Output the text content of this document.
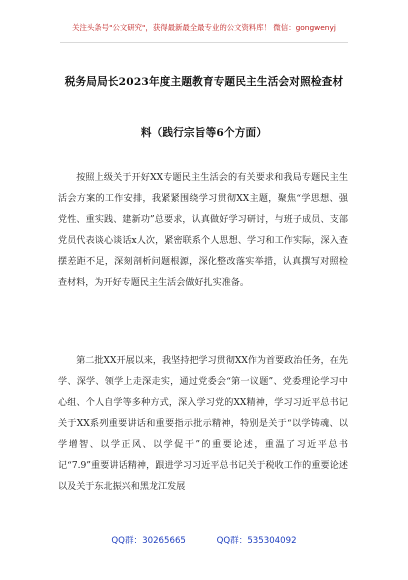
关注头条号"公文研究"，获得最新最全最专业的公文资料库！ 微信：gongwenyj
税务局局长2023年度主题教育专题民主生活会对照检查材
料（践行宗旨等6个方面）

按照上级关于开好XX专题民主生活会的有关要求和我局专题民主生活会方案的工作安排，我紧紧围绕学习贯彻XX主题，聚焦“学思想、强党性、重实践、建新功”总要求，认真做好学习研讨，与班子成员、支部党员代表谈心谈话x人次，紧密联系个人思想、学习和工作实际，深入查摆差距不足，深刻剖析问题根源，深化整改落实举措，认真撰写对照检查材料，为开好专题民主生活会做好扎实准备。

第二批XX开展以来，我坚持把学习贯彻XX作为首要政治任务，在先学、深学、领学上走深走实，通过党委会“第一议题”、党委理论学习中心组、个人自学等多种方式，深入学习党的XX精神，学习习近平总书记关于XX系列重要讲话和重要指示批示精神，特别是关于“以学铸魂、以学增智、以学正风、以学促干”的重要论述，重温了习近平总书记“7.9”重要讲话精神，跟进学习习近平总书记关于税收工作的重要论述以及关于东北振兴和黑龙江发展

QQ群：30265665	QQ群：535304092
